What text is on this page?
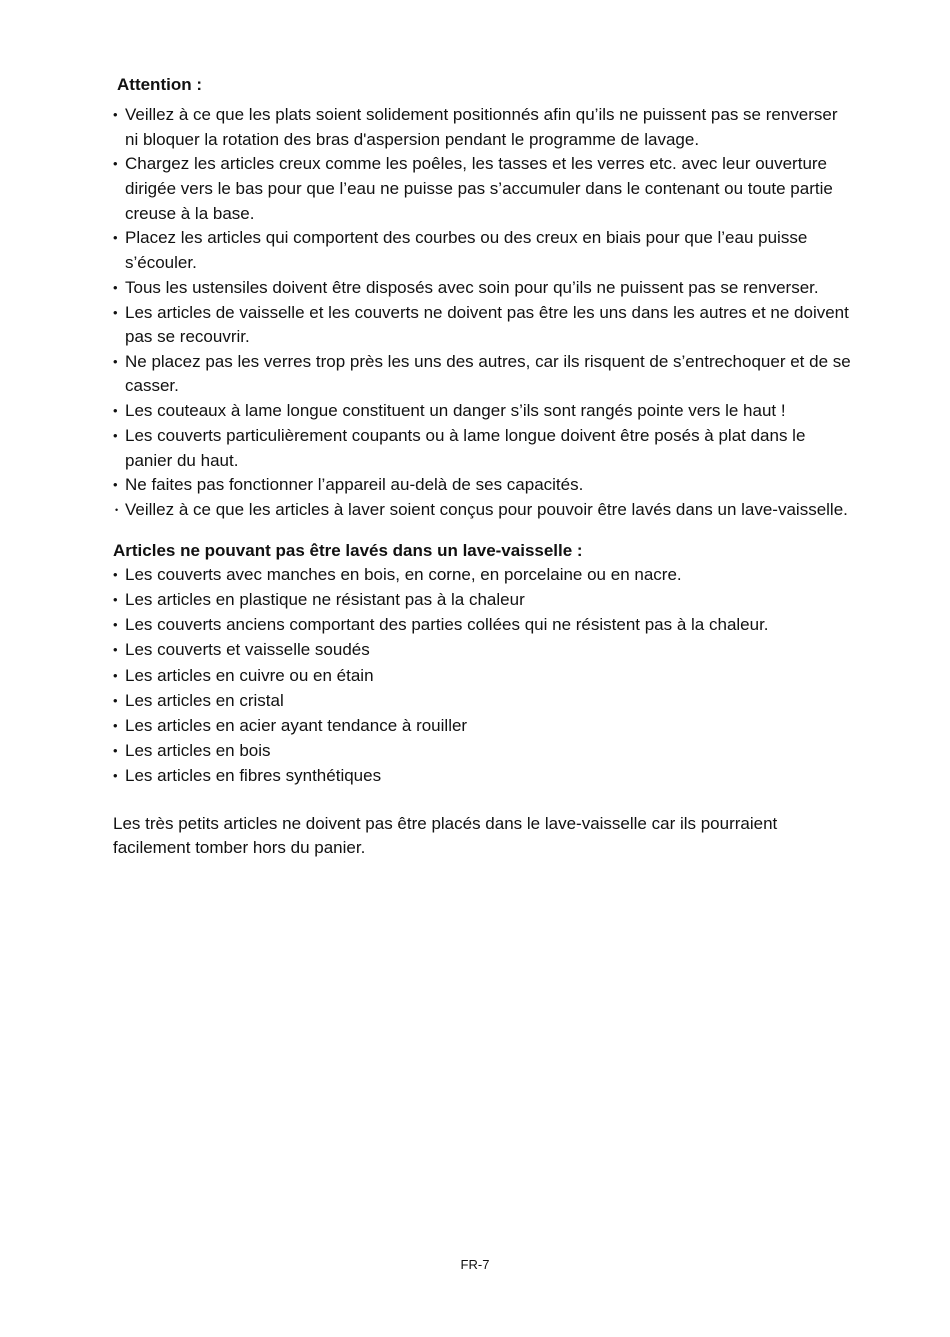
Attention :

• Veillez à ce que les plats soient solidement positionnés afin qu’ils ne puissent pas se renverser ni bloquer la rotation des bras d'aspersion pendant le programme de lavage.
• Chargez les articles creux comme les poêles, les tasses et les verres etc. avec leur ouverture dirigée vers le bas pour que l’eau ne puisse pas s’accumuler dans le contenant ou toute partie creuse à la base.
• Placez les articles qui comportent des courbes ou des creux en biais pour que l’eau puisse s’écouler.
• Tous les ustensiles doivent être disposés avec soin pour qu’ils ne puissent pas se renverser.
• Les articles de vaisselle et les couverts ne doivent pas être les uns dans les autres et ne doivent pas se recouvrir.
• Ne placez pas les verres trop près les uns des autres, car ils risquent de s’entrechoquer et de se casser.
• Les couteaux à lame longue constituent un danger s’ils sont rangés pointe vers le haut !
• Les couverts particulièrement coupants ou à lame longue doivent être posés à plat dans le panier du haut.
• Ne faites pas fonctionner l’appareil au-delà de ses capacités.
• Veillez à ce que les articles à laver soient conçus pour pouvoir être lavés dans un lave-vaisselle.

Articles ne pouvant pas être lavés dans un lave-vaisselle :

• Les couverts avec manches en bois, en corne, en porcelaine ou en nacre.
• Les articles en plastique ne résistant pas à la chaleur
• Les couverts anciens comportant des parties collées qui ne résistent pas à la chaleur.
• Les couverts et vaisselle soudés
• Les articles en cuivre ou en étain
• Les articles en cristal
• Les articles en acier ayant tendance à rouiller
• Les articles en bois
• Les articles en fibres synthétiques

Les très petits articles ne doivent pas être placés dans le lave-vaisselle car ils pourraient facilement tomber hors du panier.

FR-7
